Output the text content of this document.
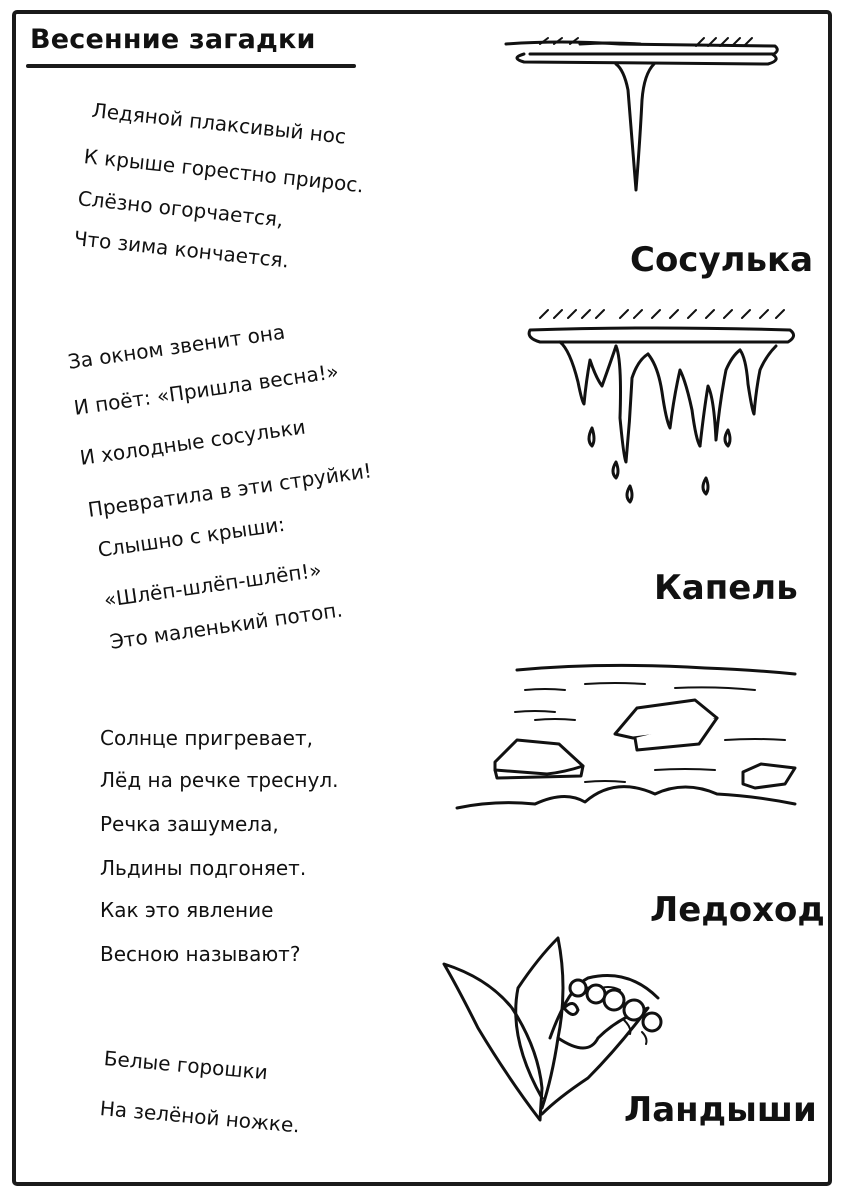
Весенние загадки
Ледяной плаксивый нос
К крыше горестно прирос.
Слёзно огорчается,
Что зима кончается.	Сосулька
За окном звенит она
И поёт: «Пришла весна!»
И холодные сосульки
Превратила в эти струйки!
Слышно с крыши:
«Шлёп-шлёп-шлёп!»
Это маленький потоп.
Капель
Солнце пригревает,
Лёд на речке треснул.
Речка зашумела,
Льдины подгоняет.
Как это явление
Весною называют?
Ледоход
Белые горошки
На зелёной ножке.	Ландыши
